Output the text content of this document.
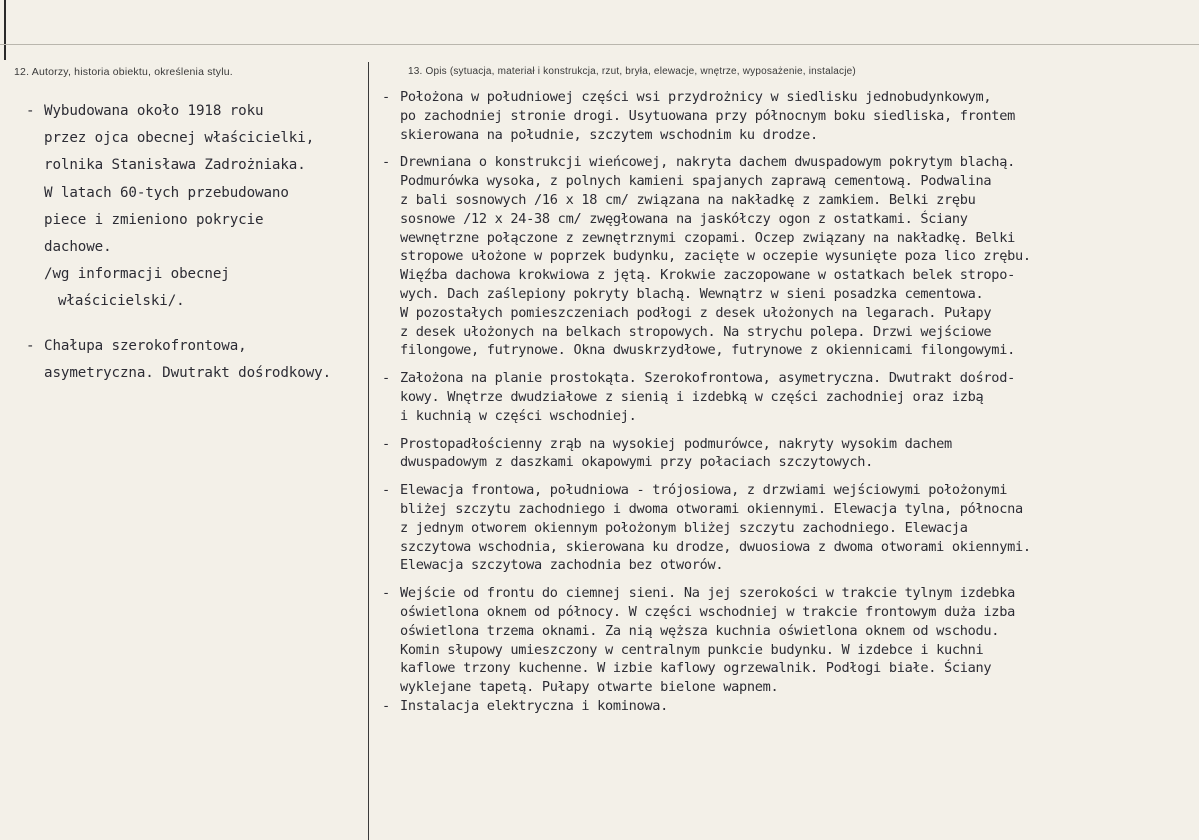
12. Autorzy, historia obiektu, określenia stylu.	13. Opis (sytuacja, materiał i konstrukcja, rzut, bryła, elewacje, wnętrze, wyposażenie, instalacje)
- Wybudowana około 1918 roku
przez ojca obecnej właścicielki,
rolnika Stanisława Zadrożniaka.
W latach 60-tych przebudowano
piece i zmieniono pokrycie
dachowe.
/wg informacji obecnej
właścicielski/.
- Chałupa szerokofrontowa,
asymetryczna. Dwutrakt dośrodkowy.
- Położona w południowej części wsi przydrożnicy w siedlisku jednobudynkowym,
po zachodniej stronie drogi. Usytuowana przy północnym boku siedliska, frontem
skierowana na południe, szczytem wschodnim ku drodze.
- Drewniana o konstrukcji wieńcowej, nakryta dachem dwuspadowym pokrytym blachą.
Podmurówka wysoka, z polnych kamieni spajanych zaprawą cementową. Podwalina
z bali sosnowych /16 x 18 cm/ związana na nakładkę z zamkiem. Belki zrębu
sosnowe /12 x 24-38 cm/ zwęgłowana na jaskółczy ogon z ostatkami. Ściany
wewnętrzne połączone z zewnętrznymi czopami. Oczep związany na nakładkę. Belki
stropowe ułożone w poprzek budynku, zacięte w oczepie wysunięte poza lico zrębu.
Więźba dachowa krokwiowa z jętą. Krokwie zaczopowane w ostatkach belek stropo-
wych. Dach zaślepiony pokryty blachą. Wewnątrz w sieni posadzka cementowa.
W pozostałych pomieszczeniach podłogi z desek ułożonych na legarach. Pułapy
z desek ułożonych na belkach stropowych. Na strychu polepa. Drzwi wejściowe
filongowe, futrynowe. Okna dwuskrzydłowe, futrynowe z okiennicami filongowymi.
- Założona na planie prostokąta. Szerokofrontowa, asymetryczna. Dwutrakt dośrod-
kowy. Wnętrze dwudziałowe z sienią i izdebką w części zachodniej oraz izbą
i kuchnią w części wschodniej.
- Prostopadłościenny zrąb na wysokiej podmurówce, nakryty wysokim dachem
dwuspadowym z daszkami okapowymi przy połaciach szczytowych.
- Elewacja frontowa, południowa - trójosiowa, z drzwiami wejściowymi położonymi
bliżej szczytu zachodniego i dwoma otworami okiennymi. Elewacja tylna, północna
z jednym otworem okiennym położonym bliżej szczytu zachodniego. Elewacja
szczytowa wschodnia, skierowana ku drodze, dwuosiowa z dwoma otworami okiennymi.
Elewacja szczytowa zachodnia bez otworów.
- Wejście od frontu do ciemnej sieni. Na jej szerokości w trakcie tylnym izdebka
oświetlona oknem od północy. W części wschodniej w trakcie frontowym duża izba
oświetlona trzema oknami. Za nią węższa kuchnia oświetlona oknem od wschodu.
Komin słupowy umieszczony w centralnym punkcie budynku. W izdebce i kuchni
kaflowe trzony kuchenne. W izbie kaflowy ogrzewalnik. Podłogi białe. Ściany
wyklejane tapetą. Pułapy otwarte bielone wapnem.
- Instalacja elektryczna i kominowa.
